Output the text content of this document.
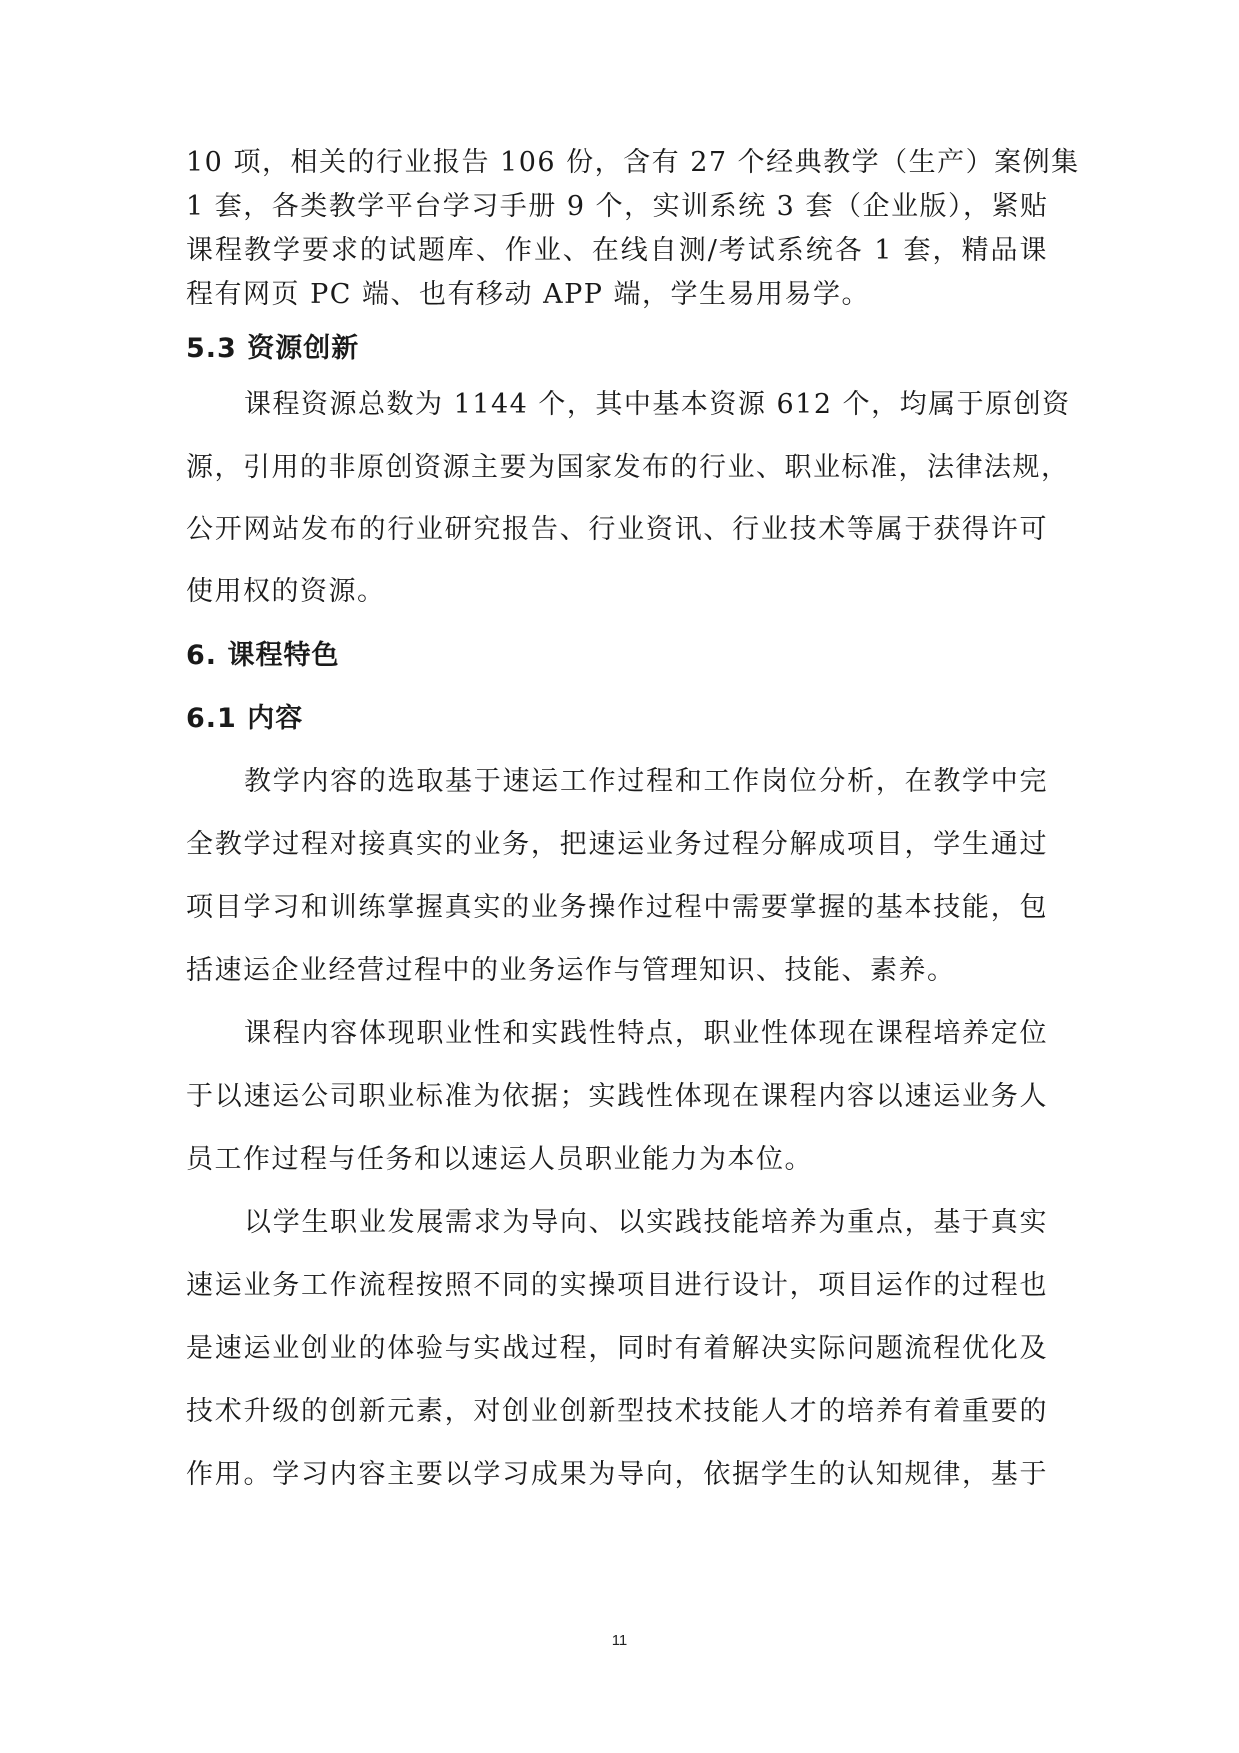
10 项，相关的行业报告 106 份，含有 27 个经典教学（生产）案例集
1 套，各类教学平台学习手册 9 个，实训系统 3 套（企业版），紧贴
课程教学要求的试题库、作业、在线自测/考试系统各 1 套，精品课
程有网页 PC 端、也有移动 APP 端，学生易用易学。
5.3 资源创新
课程资源总数为 1144 个，其中基本资源 612 个，均属于原创资
源，引用的非原创资源主要为国家发布的行业、职业标准，法律法规，
公开网站发布的行业研究报告、行业资讯、行业技术等属于获得许可
使用权的资源。
6. 课程特色
6.1 内容
教学内容的选取基于速运工作过程和工作岗位分析，在教学中完
全教学过程对接真实的业务，把速运业务过程分解成项目，学生通过
项目学习和训练掌握真实的业务操作过程中需要掌握的基本技能，包
括速运企业经营过程中的业务运作与管理知识、技能、素养。
课程内容体现职业性和实践性特点，职业性体现在课程培养定位
于以速运公司职业标准为依据；实践性体现在课程内容以速运业务人
员工作过程与任务和以速运人员职业能力为本位。
以学生职业发展需求为导向、以实践技能培养为重点，基于真实
速运业务工作流程按照不同的实操项目进行设计，项目运作的过程也
是速运业创业的体验与实战过程，同时有着解决实际问题流程优化及
技术升级的创新元素，对创业创新型技术技能人才的培养有着重要的
作用。学习内容主要以学习成果为导向，依据学生的认知规律，基于
11
